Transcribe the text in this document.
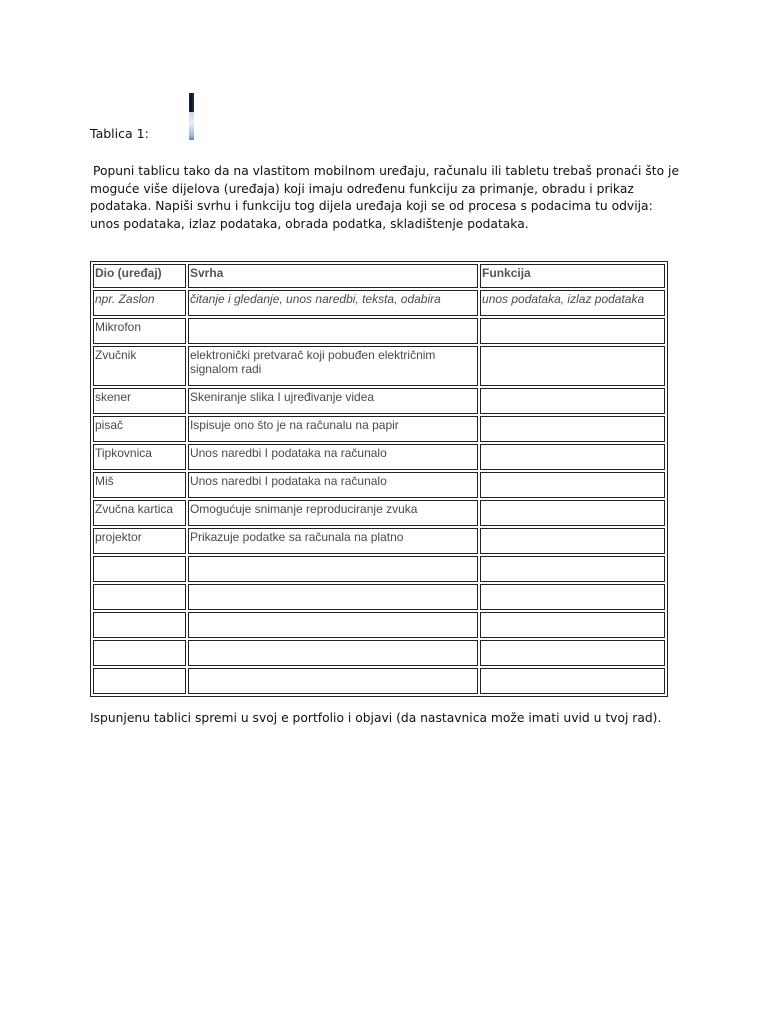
Tablica 1:
Popuni tablicu tako da na vlastitom mobilnom uređaju, računalu ili tabletu trebaš pronaći što je moguće više dijelova (uređaja) koji imaju određenu funkciju za primanje, obradu i prikaz podataka. Napiši svrhu i funkciju tog dijela uređaja koji se od procesa s podacima tu odvija: unos podataka, izlaz podataka, obrada podatka, skladištenje podataka.
Dio (uređaj)	Svrha	Funkcija
npr. Zaslon	čitanje i gledanje, unos naredbi, teksta, odabira	unos podataka, izlaz podataka
Mikrofon		
Zvučnik	elektronički pretvarač koji pobuđen električnim signalom radi	
skener	Skeniranje slika I ujređivanje videa	
pisač	Ispisuje ono što je na računalu na papir	
Tipkovnica	Unos naredbi I podataka na računalo	
Miš	Unos naredbi I podataka na računalo	
Zvučna kartica	Omogućuje snimanje reproduciranje zvuka	
projektor	Prikazuje podatke sa računala na platno	

Ispunjenu tablici spremi u svoj e portfolio i objavi (da nastavnica može imati uvid u tvoj rad).
